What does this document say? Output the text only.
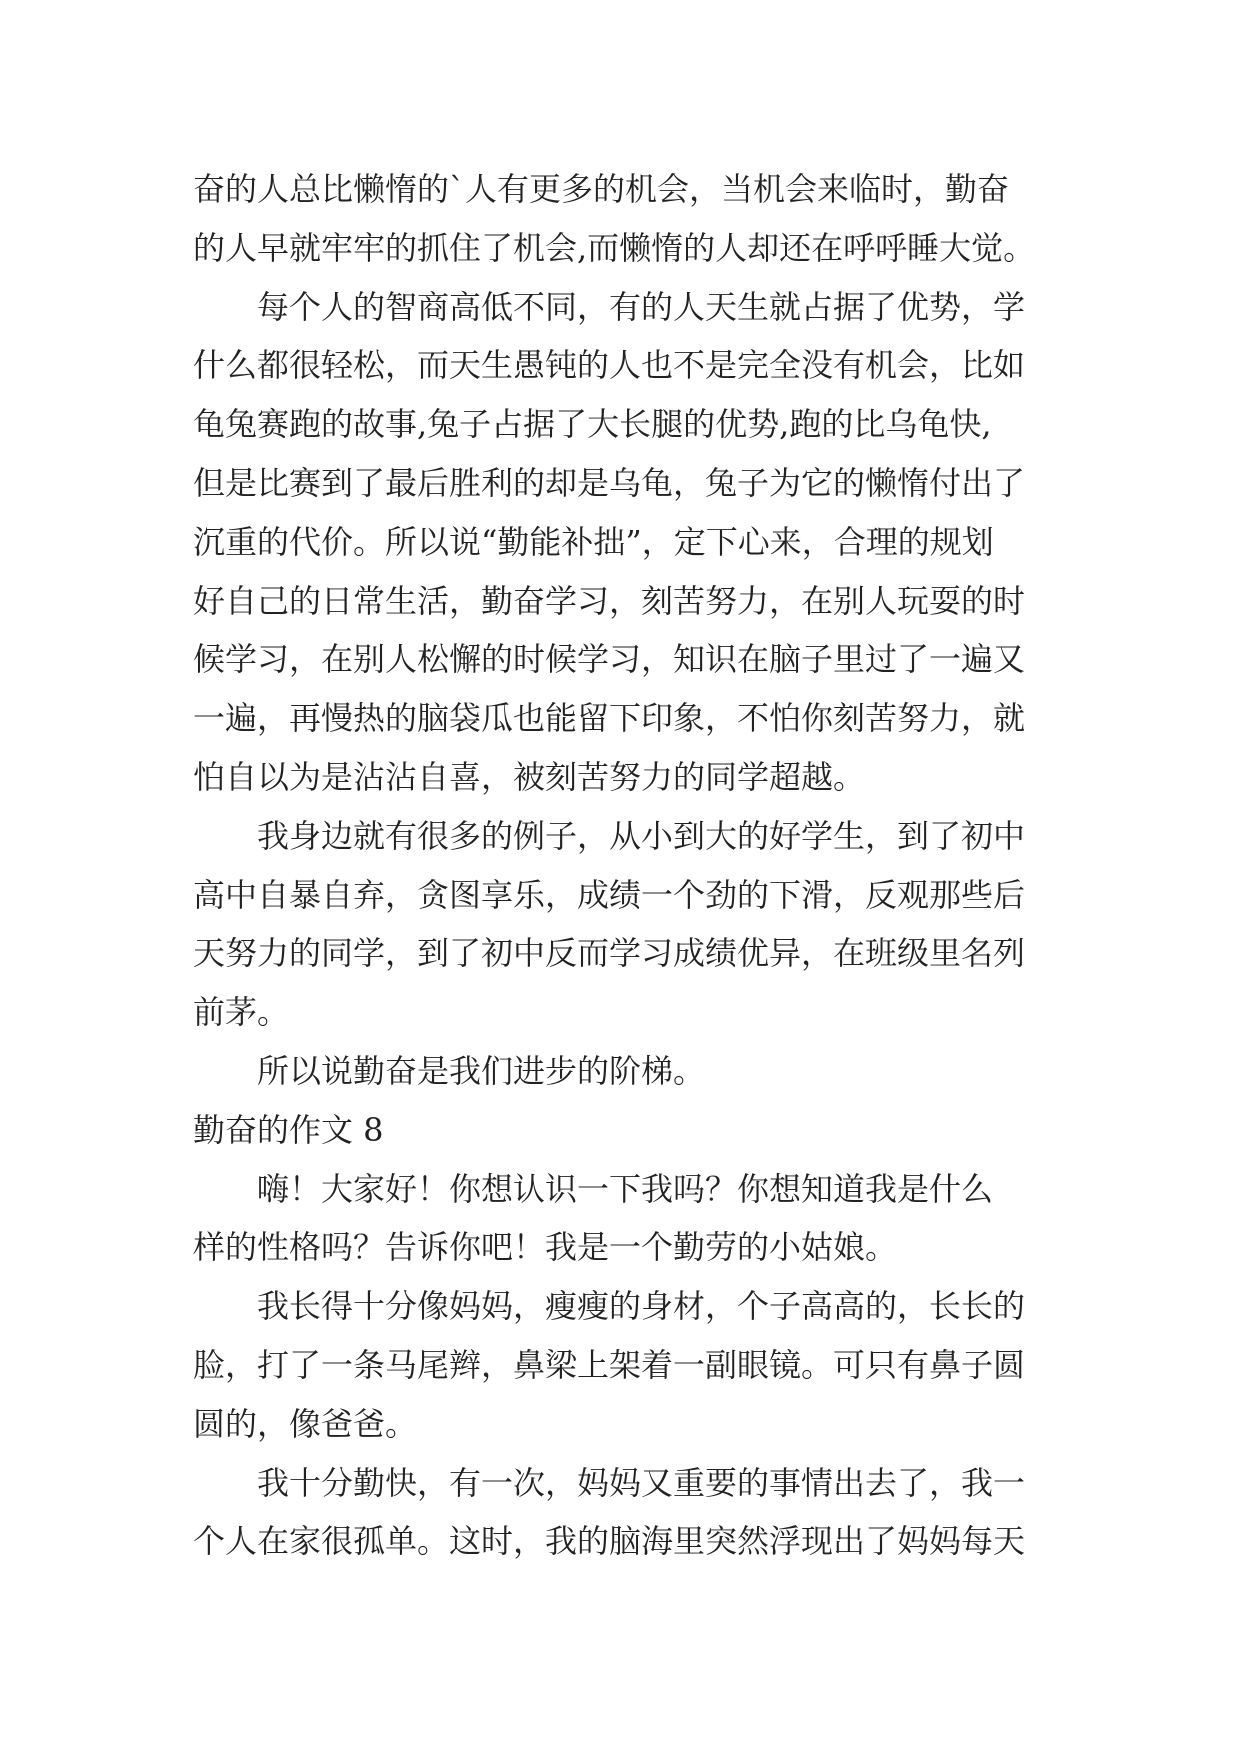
奋的人总比懒惰的`人有更多的机会，当机会来临时，勤奋
的人早就牢牢的抓住了机会,而懒惰的人却还在呼呼睡大觉。
每个人的智商高低不同，有的人天生就占据了优势，学
什么都很轻松，而天生愚钝的人也不是完全没有机会，比如
龟兔赛跑的故事,兔子占据了大长腿的优势,跑的比乌龟快,
但是比赛到了最后胜利的却是乌龟，兔子为它的懒惰付出了
沉重的代价。所以说“勤能补拙”，定下心来，合理的规划
好自己的日常生活，勤奋学习，刻苦努力，在别人玩耍的时
候学习，在别人松懈的时候学习，知识在脑子里过了一遍又
一遍，再慢热的脑袋瓜也能留下印象，不怕你刻苦努力，就
怕自以为是沾沾自喜，被刻苦努力的同学超越。
我身边就有很多的例子，从小到大的好学生，到了初中
高中自暴自弃，贪图享乐，成绩一个劲的下滑，反观那些后
天努力的同学，到了初中反而学习成绩优异，在班级里名列
前茅。
所以说勤奋是我们进步的阶梯。
勤奋的作文 8
嗨！大家好！你想认识一下我吗？你想知道我是什么
样的性格吗？告诉你吧！我是一个勤劳的小姑娘。
我长得十分像妈妈，瘦瘦的身材，个子高高的，长长的
脸，打了一条马尾辫，鼻梁上架着一副眼镜。可只有鼻子圆
圆的，像爸爸。
我十分勤快，有一次，妈妈又重要的事情出去了，我一
个人在家很孤单。这时，我的脑海里突然浮现出了妈妈每天
